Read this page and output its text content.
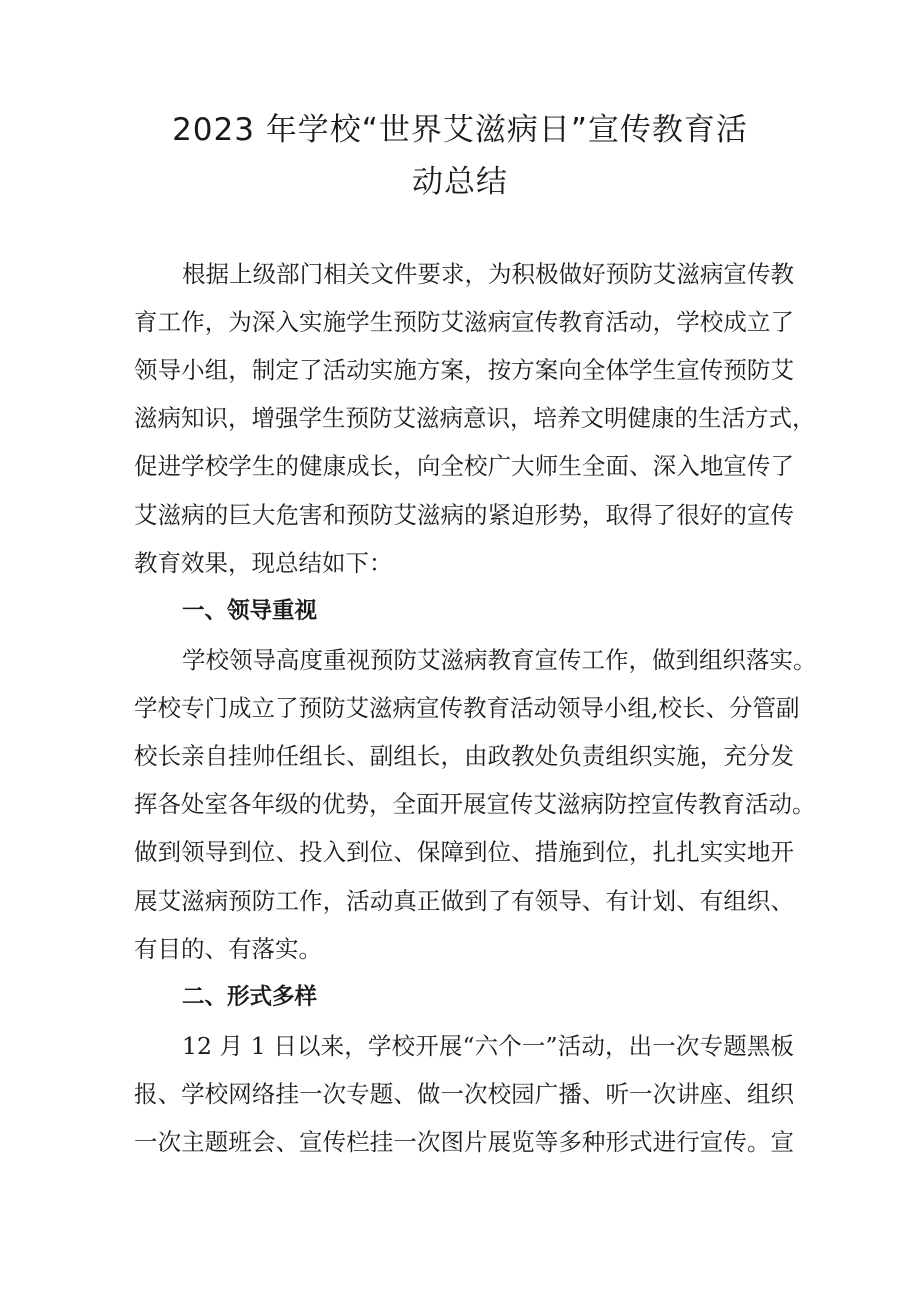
2023 年学校“世界艾滋病日”宣传教育活
动总结
根据上级部门相关文件要求，为积极做好预防艾滋病宣传教
育工作，为深入实施学生预防艾滋病宣传教育活动，学校成立了
领导小组，制定了活动实施方案，按方案向全体学生宣传预防艾
滋病知识，增强学生预防艾滋病意识，培养文明健康的生活方式，
促进学校学生的健康成长，向全校广大师生全面、深入地宣传了
艾滋病的巨大危害和预防艾滋病的紧迫形势，取得了很好的宣传
教育效果，现总结如下：
一、领导重视
学校领导高度重视预防艾滋病教育宣传工作，做到组织落实。
学校专门成立了预防艾滋病宣传教育活动领导小组,校长、分管副
校长亲自挂帅任组长、副组长，由政教处负责组织实施，充分发
挥各处室各年级的优势，全面开展宣传艾滋病防控宣传教育活动。
做到领导到位、投入到位、保障到位、措施到位，扎扎实实地开
展艾滋病预防工作，活动真正做到了有领导、有计划、有组织、
有目的、有落实。
二、形式多样
12 月 1 日以来，学校开展“六个一”活动，出一次专题黑板
报、学校网络挂一次专题、做一次校园广播、听一次讲座、组织
一次主题班会、宣传栏挂一次图片展览等多种形式进行宣传。宣
